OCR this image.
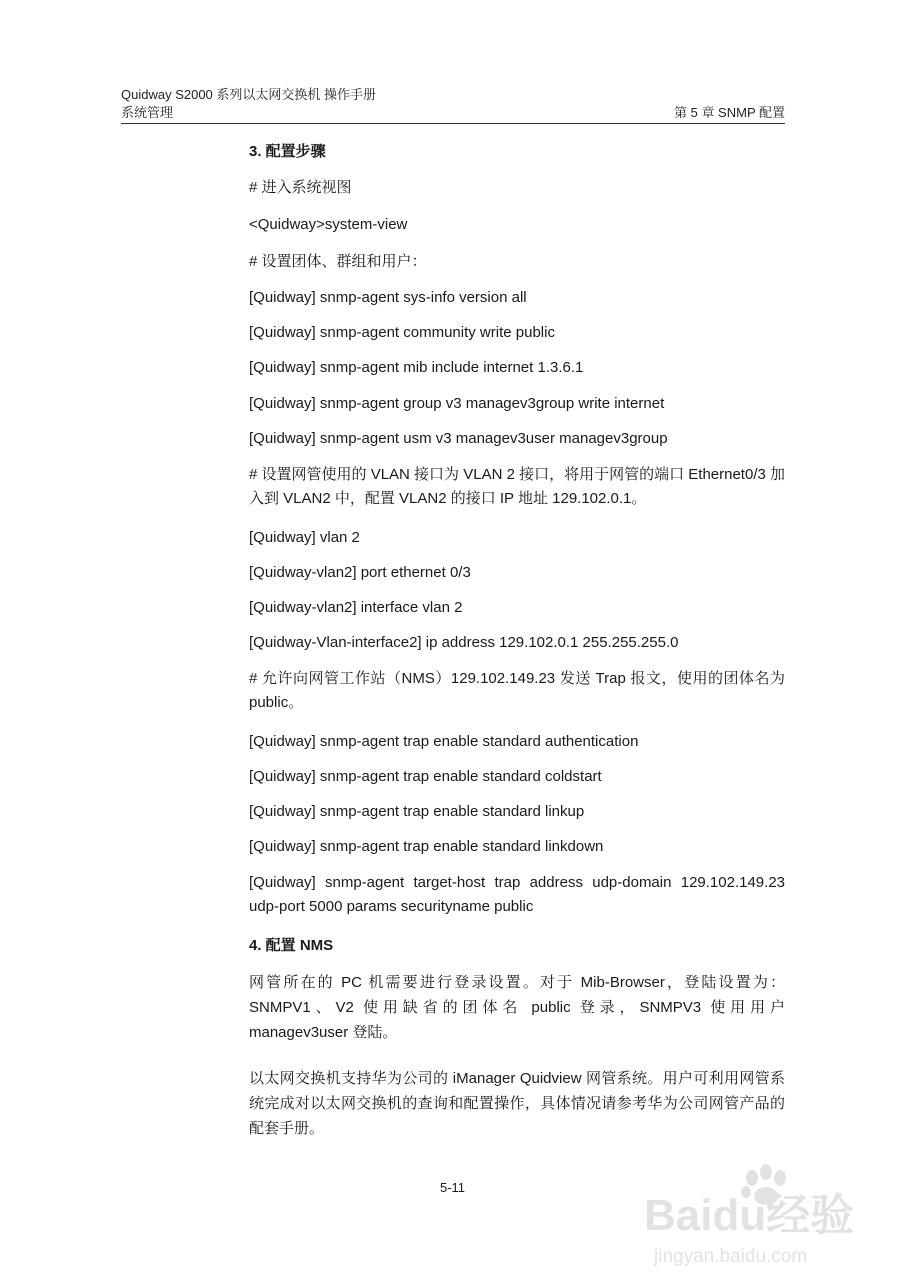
Quidway S2000 系列以太网交换机 操作手册
系统管理	第 5 章 SNMP 配置
3. 配置步骤
# 进入系统视图
<Quidway>system-view
# 设置团体、群组和用户：
[Quidway] snmp-agent sys-info version all
[Quidway] snmp-agent community write public
[Quidway] snmp-agent mib include internet 1.3.6.1
[Quidway] snmp-agent group v3 managev3group write internet
[Quidway] snmp-agent usm v3 managev3user managev3group
# 设置网管使用的 VLAN 接口为 VLAN 2 接口，将用于网管的端口 Ethernet0/3 加入到 VLAN2 中，配置 VLAN2 的接口 IP 地址 129.102.0.1。
[Quidway] vlan 2
[Quidway-vlan2] port ethernet 0/3
[Quidway-vlan2] interface vlan 2
[Quidway-Vlan-interface2] ip address 129.102.0.1 255.255.255.0
# 允许向网管工作站（NMS）129.102.149.23 发送 Trap 报文，使用的团体名为 public。
[Quidway] snmp-agent trap enable standard authentication
[Quidway] snmp-agent trap enable standard coldstart
[Quidway] snmp-agent trap enable standard linkup
[Quidway] snmp-agent trap enable standard linkdown
[Quidway] snmp-agent target-host trap address udp-domain 129.102.149.23 udp-port 5000 params securityname public
4. 配置 NMS
网管所在的 PC 机需要进行登录设置。对于 Mib-Browser，登陆设置为：SNMPV1、V2 使用缺省的团体名 public 登录，SNMPV3 使用用户 managev3user 登陆。
以太网交换机支持华为公司的 iManager Quidview 网管系统。用户可利用网管系统完成对以太网交换机的查询和配置操作，具体情况请参考华为公司网管产品的配套手册。
5-11
Baidu经验
jingyan.baidu.com
